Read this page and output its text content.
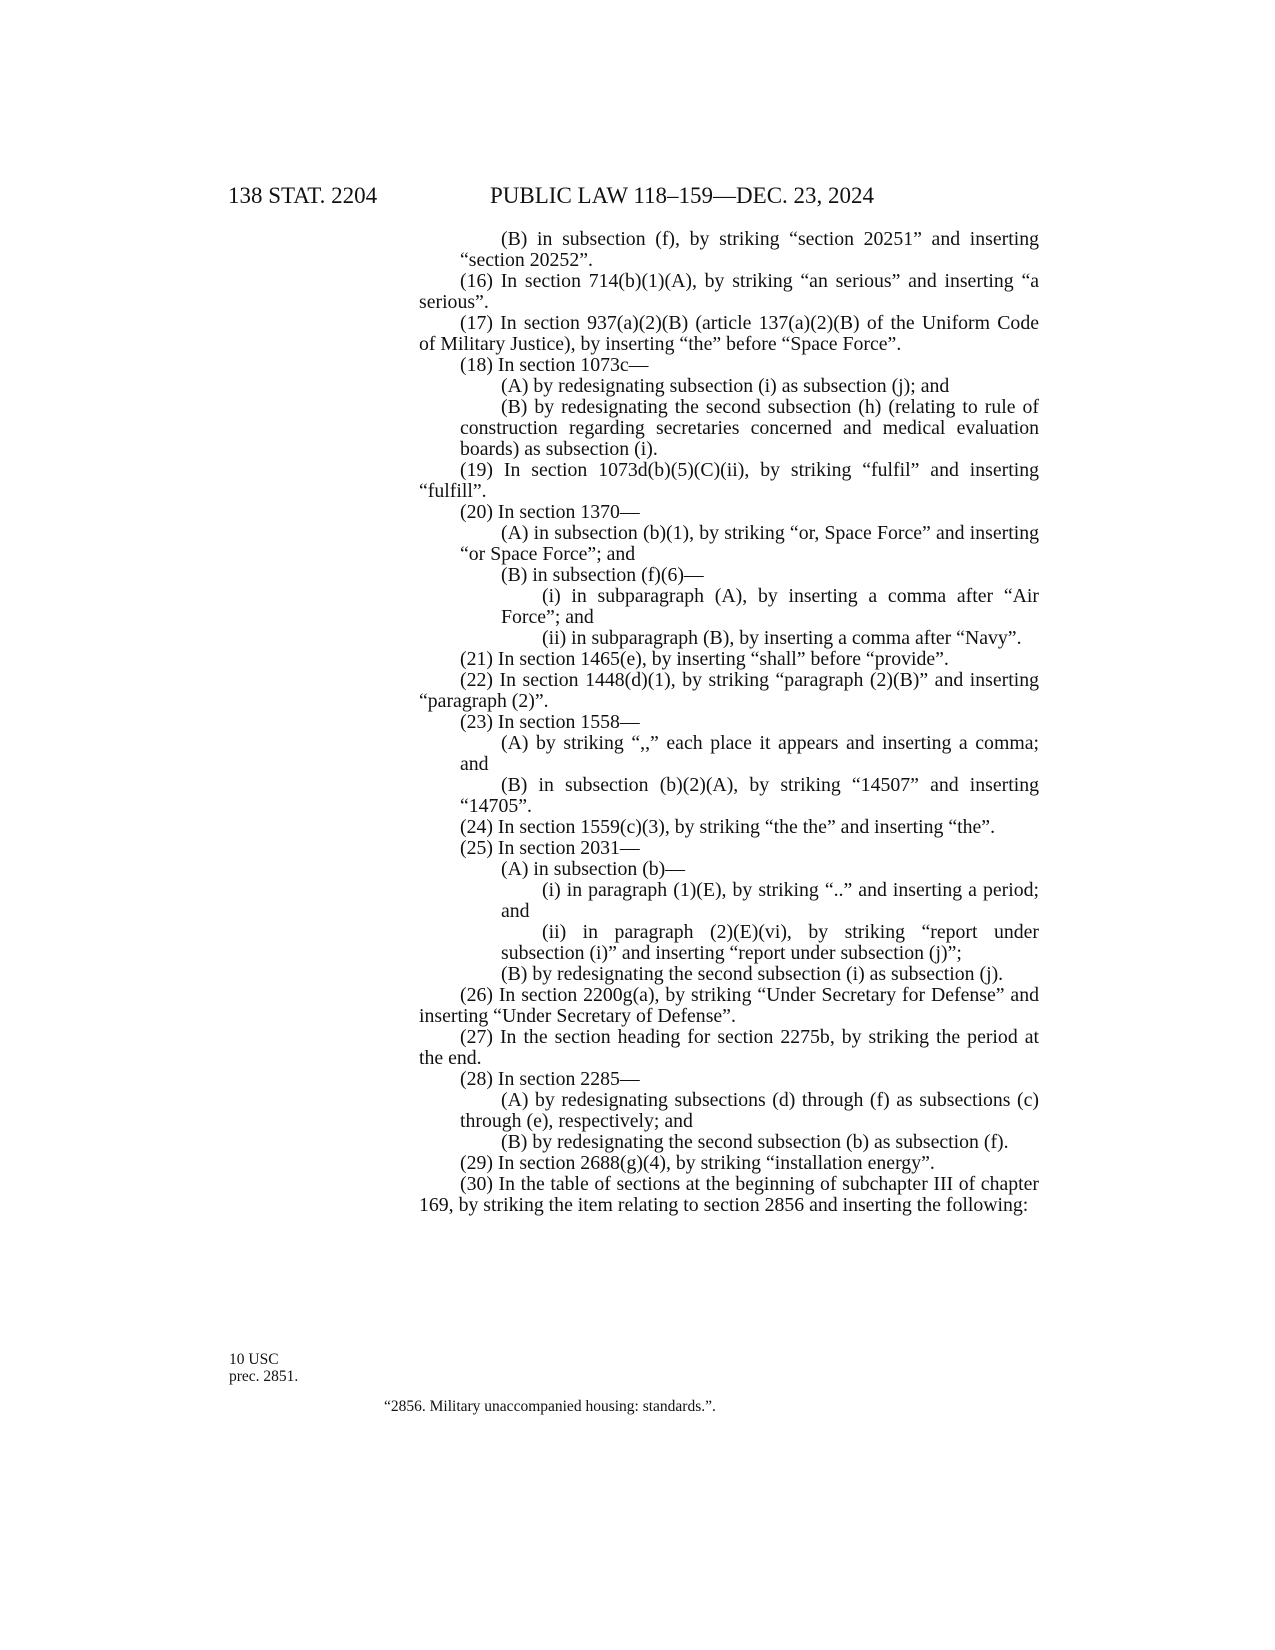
138 STAT. 2204	PUBLIC LAW 118–159—DEC. 23, 2024

(B) in subsection (f), by striking “section 20251” and inserting “section 20252”.

(16) In section 714(b)(1)(A), by striking “an serious” and inserting “a serious”.

(17) In section 937(a)(2)(B) (article 137(a)(2)(B) of the Uniform Code of Military Justice), by inserting “the” before “Space Force”.

(18) In section 1073c—

(A) by redesignating subsection (i) as subsection (j); and

(B) by redesignating the second subsection (h) (relating to rule of construction regarding secretaries concerned and medical evaluation boards) as subsection (i).

(19) In section 1073d(b)(5)(C)(ii), by striking “fulfil” and inserting “fulfill”.

(20) In section 1370—

(A) in subsection (b)(1), by striking “or, Space Force” and inserting “or Space Force”; and

(B) in subsection (f)(6)—

(i) in subparagraph (A), by inserting a comma after “Air Force”; and

(ii) in subparagraph (B), by inserting a comma after “Navy”.

(21) In section 1465(e), by inserting “shall” before “provide”.

(22) In section 1448(d)(1), by striking “paragraph (2)(B)” and inserting “paragraph (2)”.

(23) In section 1558—

(A) by striking “,,” each place it appears and inserting a comma; and

(B) in subsection (b)(2)(A), by striking “14507” and inserting “14705”.

(24) In section 1559(c)(3), by striking “the the” and inserting “the”.

(25) In section 2031—

(A) in subsection (b)—

(i) in paragraph (1)(E), by striking “..” and inserting a period; and

(ii) in paragraph (2)(E)(vi), by striking “report under subsection (i)” and inserting “report under subsection (j)”;

(B) by redesignating the second subsection (i) as subsection (j).

(26) In section 2200g(a), by striking “Under Secretary for Defense” and inserting “Under Secretary of Defense”.

(27) In the section heading for section 2275b, by striking the period at the end.

(28) In section 2285—

(A) by redesignating subsections (d) through (f) as subsections (c) through (e), respectively; and

(B) by redesignating the second subsection (b) as subsection (f).

(29) In section 2688(g)(4), by striking “installation energy”.

(30) In the table of sections at the beginning of subchapter III of chapter 169, by striking the item relating to section 2856 and inserting the following:

10 USC
prec. 2851.
“2856. Military unaccompanied housing: standards.”.
